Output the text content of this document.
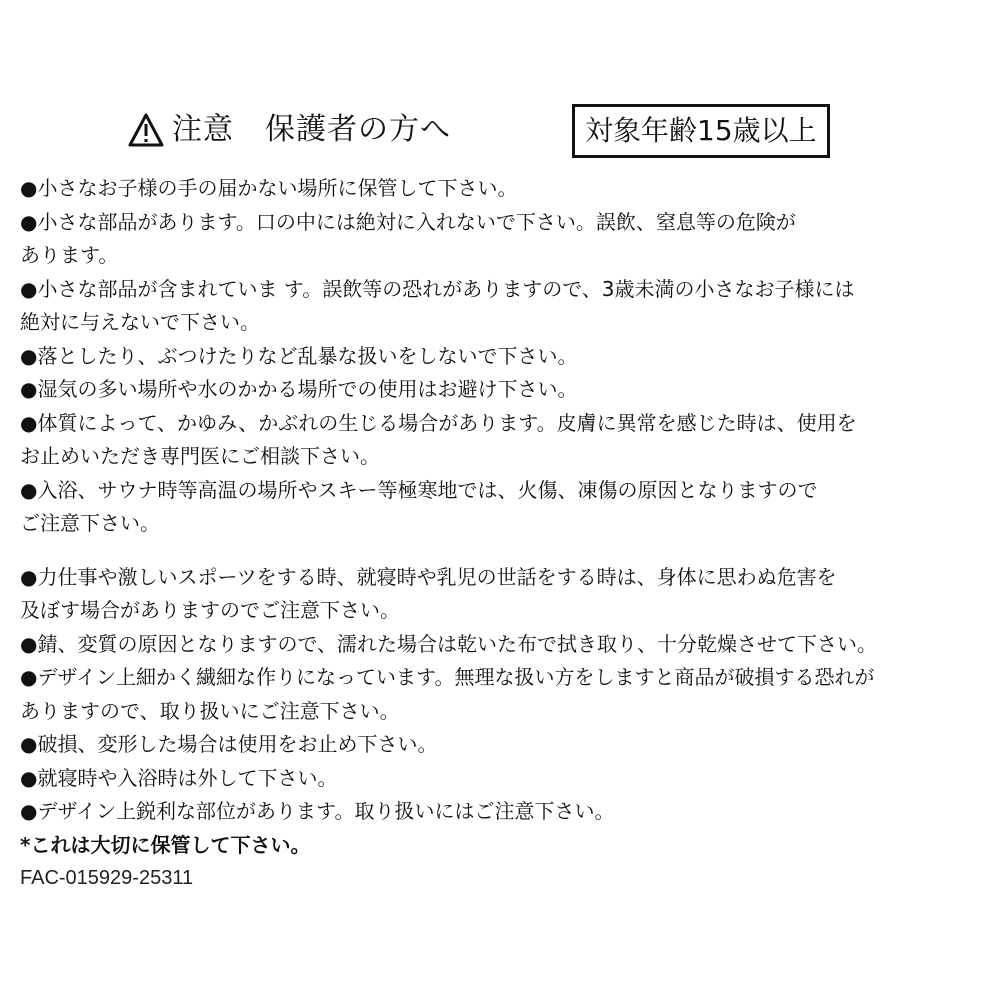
注意　保護者の方へ	対象年齢15歳以上

●小さなお子様の手の届かない場所に保管して下さい。

●小さな部品があります。口の中には絶対に入れないで下さい。誤飲、窒息等の危険が
あります。

●小さな部品が含まれていま す。誤飲等の恐れがありますので、3歳未満の小さなお子様には
絶対に与えないで下さい。

●落としたり、ぶつけたりなど乱暴な扱いをしないで下さい。

●湿気の多い場所や水のかかる場所での使用はお避け下さい。

●体質によって、かゆみ、かぶれの生じる場合があります。皮膚に異常を感じた時は、使用を
お止めいただき専門医にご相談下さい。

●入浴、サウナ時等高温の場所やスキー等極寒地では、火傷、凍傷の原因となりますので
ご注意下さい。

●力仕事や激しいスポーツをする時、就寝時や乳児の世話をする時は、身体に思わぬ危害を
及ぼす場合がありますのでご注意下さい。

●錆、変質の原因となりますので、濡れた場合は乾いた布で拭き取り、十分乾燥させて下さい。

●デザイン上細かく繊細な作りになっています。無理な扱い方をしますと商品が破損する恐れが
ありますので、取り扱いにご注意下さい。

●破損、変形した場合は使用をお止め下さい。

●就寝時や入浴時は外して下さい。

●デザイン上鋭利な部位があります。取り扱いにはご注意下さい。

*これは大切に保管して下さい。

FAC-015929-25311
